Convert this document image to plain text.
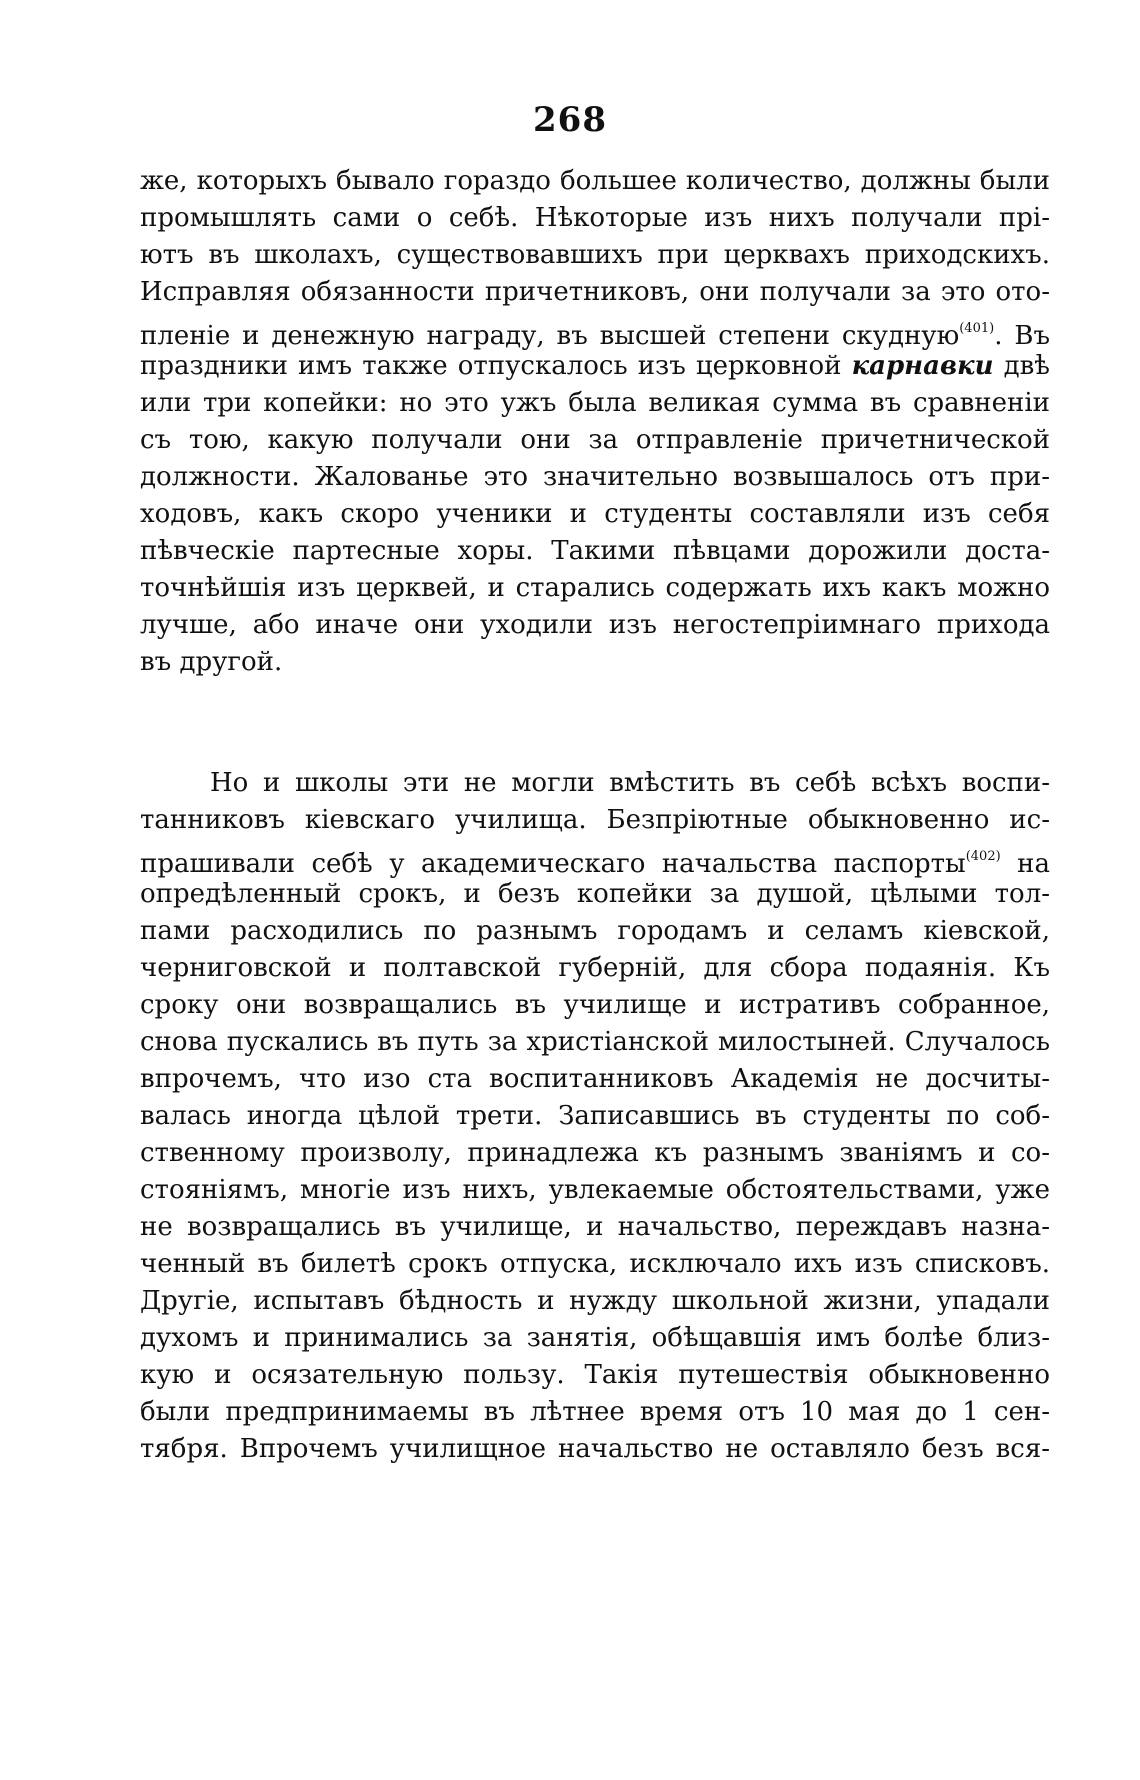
268
же, которыхъ бывало гораздо большее количество, должны были
промышлять сами о себѣ. Нѣкоторые изъ нихъ получали прі-
ютъ въ школахъ, существовавшихъ при церквахъ приходскихъ.
Исправляя обязанности причетниковъ, они получали за это ото-
пленіе и денежную награду, въ высшей степени скудную$^{(401)}$. Въ
праздники имъ также отпускалось изъ церковной карнавки двѣ
или три копейки: но это ужъ была великая сумма въ сравненіи
съ тою, какую получали они за отправленіе причетнической
должности. Жалованье это значительно возвышалось отъ при-
ходовъ, какъ скоро ученики и студенты составляли изъ себя
пѣвческіе партесные хоры. Такими пѣвцами дорожили доста-
точнѣйшія изъ церквей, и старались содержать ихъ какъ можно
лучше, або иначе они уходили изъ негостепріимнаго прихода
въ другой.
Но и школы эти не могли вмѣстить въ себѣ всѣхъ воспи-
танниковъ кіевскаго училища. Безпріютные обыкновенно ис-
прашивали себѣ у академическаго начальства паспорты$^{(402)}$ на
опредѣленный срокъ, и безъ копейки за душой, цѣлыми тол-
пами расходились по разнымъ городамъ и селамъ кіевской,
черниговской и полтавской губерній, для сбора подаянія. Къ
сроку они возвращались въ училище и истративъ собранное,
снова пускались въ путь за христіанской милостыней. Случалось
впрочемъ, что изо ста воспитанниковъ Академія не досчиты-
валась иногда цѣлой трети. Записавшись въ студенты по соб-
ственному произволу, принадлежа къ разнымъ званіямъ и со-
стояніямъ, многіе изъ нихъ, увлекаемые обстоятельствами, уже
не возвращались въ училище, и начальство, переждавъ назна-
ченный въ билетѣ срокъ отпуска, исключало ихъ изъ списковъ.
Другіе, испытавъ бѣдность и нужду школьной жизни, упадали
духомъ и принимались за занятія, обѣщавшія имъ болѣе близ-
кую и осязательную пользу. Такія путешествія обыкновенно
были предпринимаемы въ лѣтнее время отъ 10 мая до 1 сен-
тября. Впрочемъ училищное начальство не оставляло безъ вся-
